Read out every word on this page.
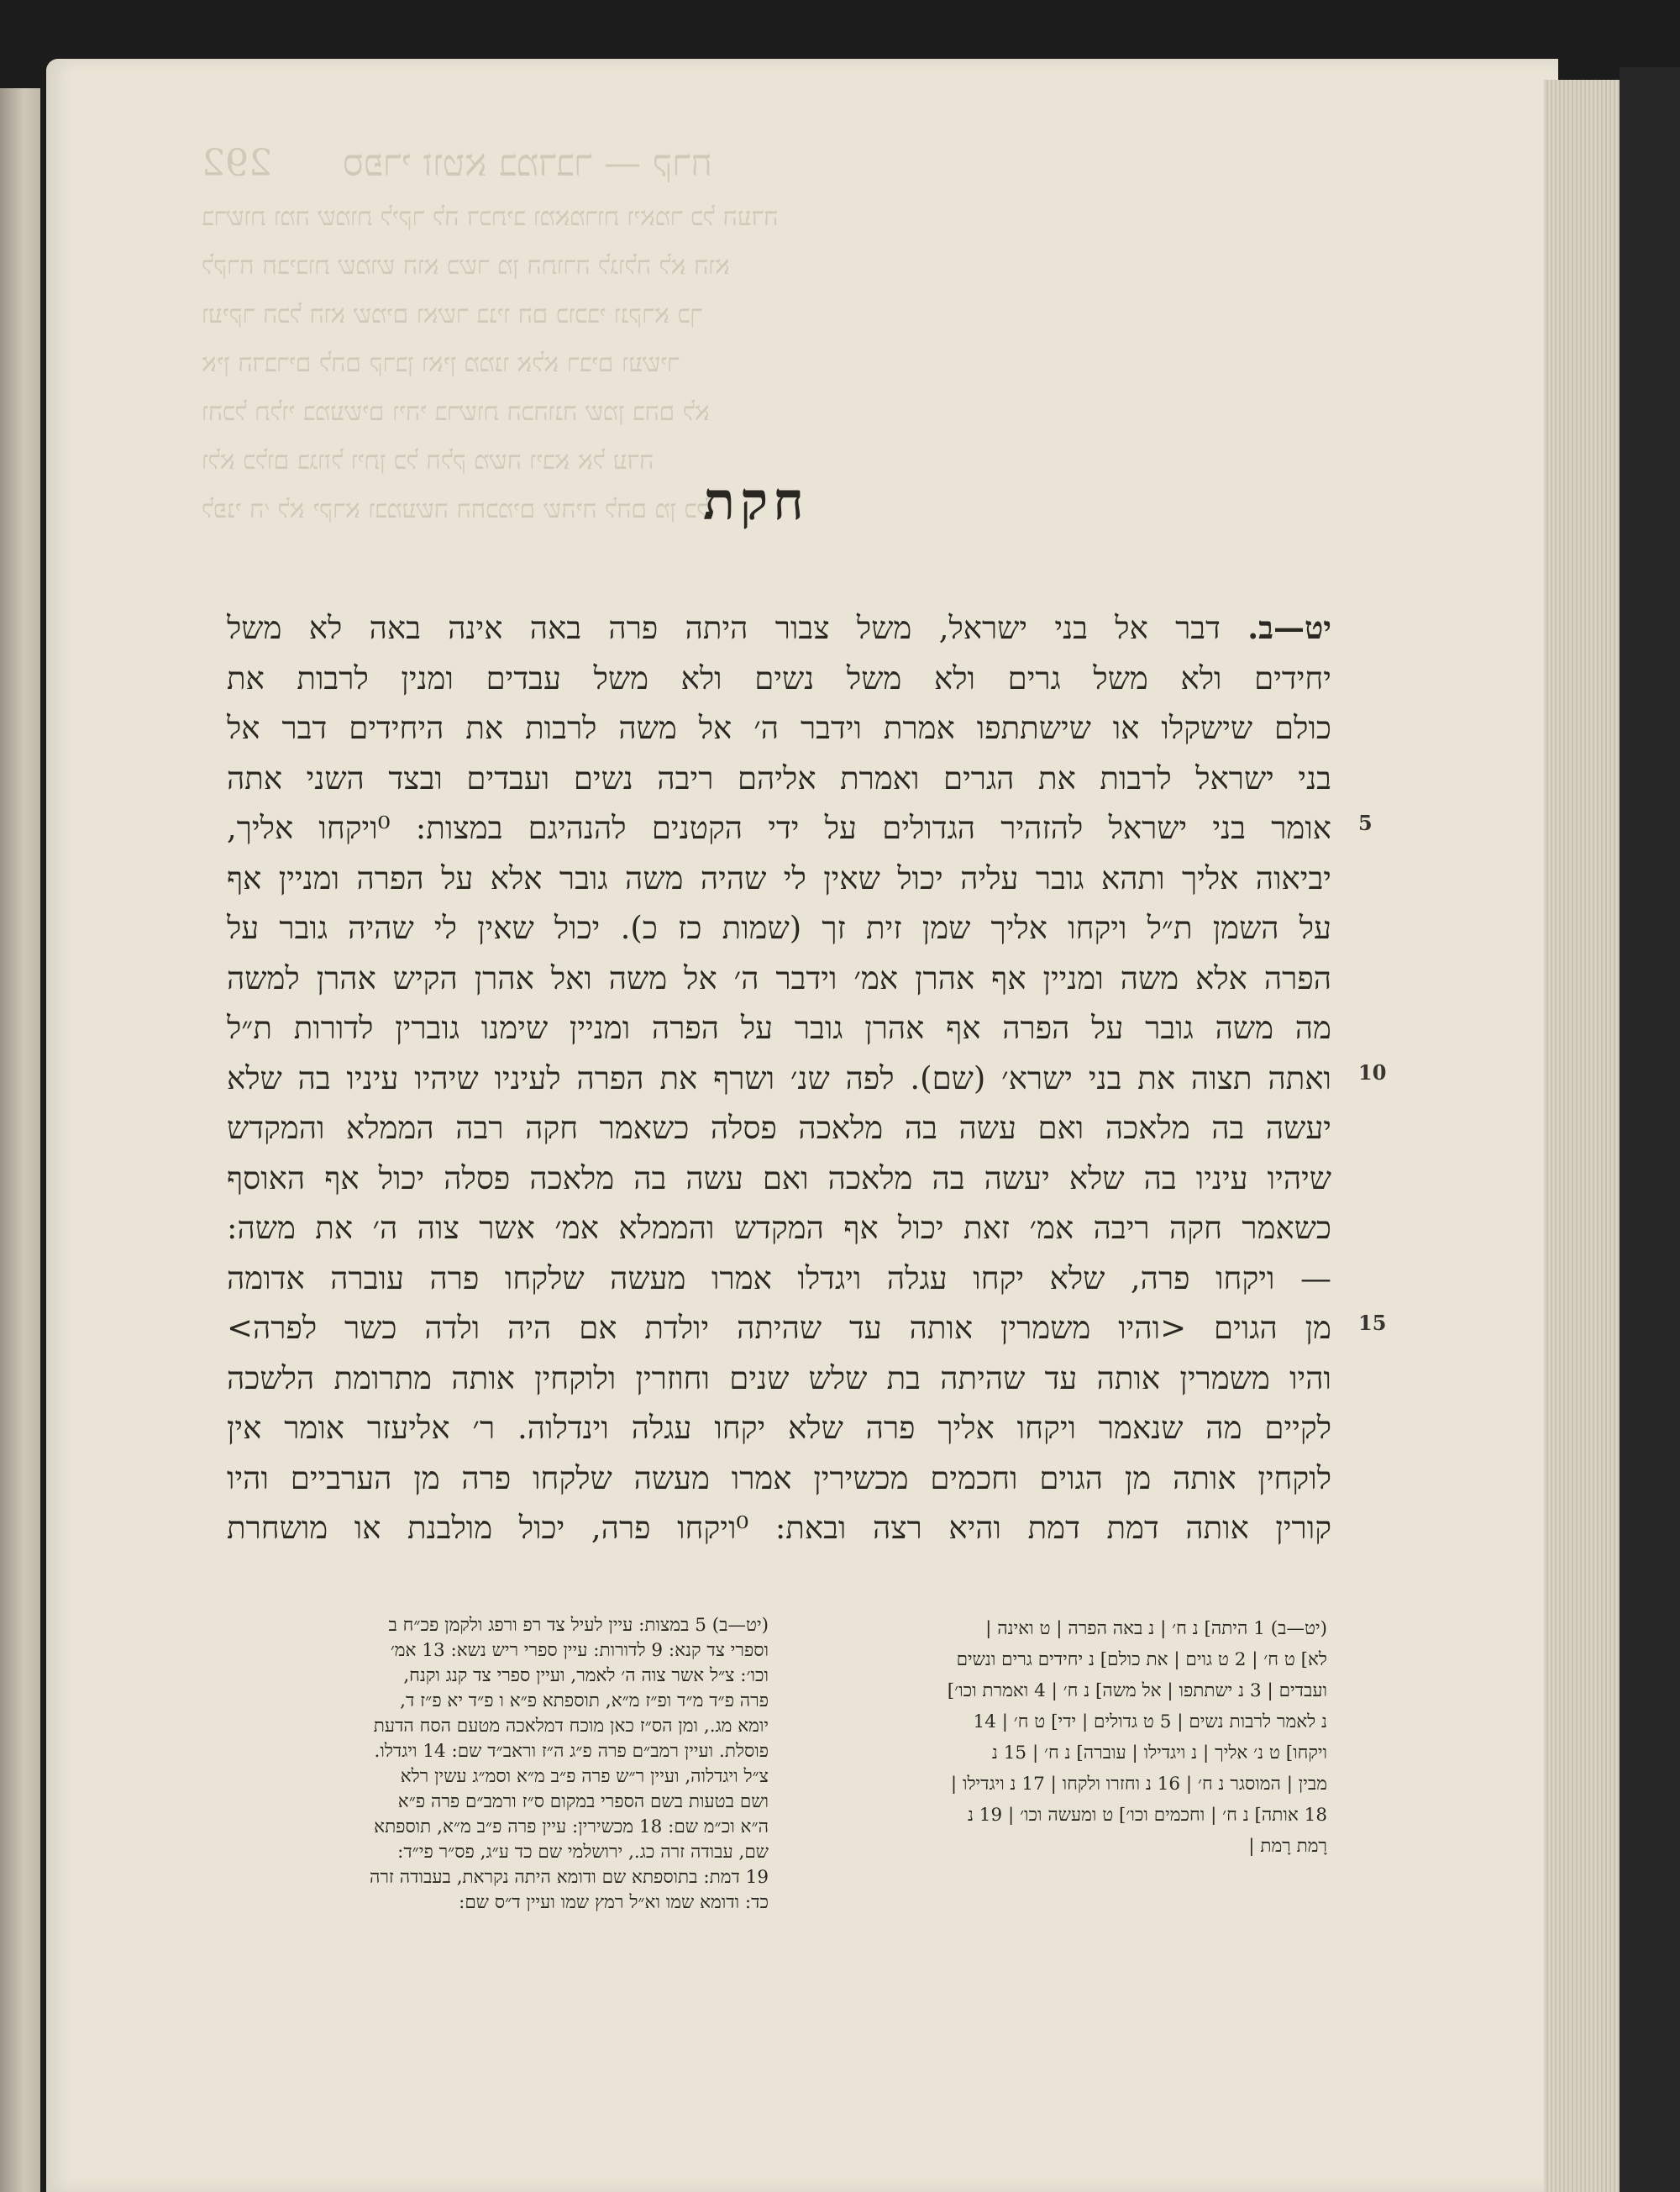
292 ספרי זוטא במדבר — קרח
ברשות ומה שמות ליקר לה דכתיב ומאמרות ויאמר כל העדה
לקרח חביבות שמוש הוא כשר מן התורה לגולה לא הוא
ועיקר הכל הוא שמים ואשר בניו הם כוכבי ונקרא כך
אין הדברים להם קרבן ואין ממנו אלא רבים ועשיר
והכל תלוי במעשים ויהי ברשות הכהונה שמן בהם לא
ולא כלום בגוזל ויתן כל חלק משה ויבא אל עדה
לפני ה׳ לא יקרא ובמעשה החכמים שהיה להם מן כל
חקת
יט—ב. דבר אל בני ישראל, משל צבור היתה פרה באה אינה באה לא משל
יחידים ולא משל גרים ולא משל נשים ולא משל עבדים ומנין לרבות את
כולם שישקלו או שישתתפו אמרת וידבר ה׳ אל משה לרבות את היחידים דבר אל
בני ישראל לרבות את הגרים ואמרת אליהם ריבה נשים ועבדים ובצד השני אתה
אומר בני ישראל להזהיר הגדולים על ידי הקטנים להנהיגם במצות: ⁰ויקחו אליך,
יביאוה אליך ותהא גובר עליה יכול שאין לי שהיה משה גובר אלא על הפרה ומניין אף
על השמן ת״ל ויקחו אליך שמן זית זך (שמות כז כ). יכול שאין לי שהיה גובר על
הפרה אלא משה ומניין אף אהרן אמ׳ וידבר ה׳ אל משה ואל אהרן הקיש אהרן למשה
מה משה גובר על הפרה אף אהרן גובר על הפרה ומניין שימנו גוברין לדורות ת״ל
ואתה תצוה את בני ישרא׳ (שם). לפה שנ׳ ושרף את הפרה לעיניו שיהיו עיניו בה שלא
יעשה בה מלאכה ואם עשה בה מלאכה פסלה כשאמר חקה רבה הממלא והמקדש
שיהיו עיניו בה שלא יעשה בה מלאכה ואם עשה בה מלאכה פסלה יכול אף האוסף
כשאמר חקה ריבה אמ׳ זאת יכול אף המקדש והממלא אמ׳ אשר צוה ה׳ את משה:
— ויקחו פרה, שלא יקחו עגלה ויגדלו אמרו מעשה שלקחו פרה עוברה אדומה
מן הגוים <והיו משמרין אותה עד שהיתה יולדת אם היה ולדה כשר לפרה>
והיו משמרין אותה עד שהיתה בת שלש שנים וחוזרין ולוקחין אותה מתרומת הלשכה
לקיים מה שנאמר ויקחו אליך פרה שלא יקחו עגלה וינדלוה. ר׳ אליעזר אומר אין
לוקחין אותה מן הגוים וחכמים מכשירין אמרו מעשה שלקחו פרה מן הערביים והיו
קורין אותה דמת דמת והיא רצה ובאת: ⁰ויקחו פרה, יכול מולבנת או מושחרת
5
10
15
(יט—ב) 1 היתה] נ ח׳ | נ באה הפרה | ט ואינה |
לא] ט ח׳ | 2 ט גוים | את כולם] נ יחידים גרים ונשים
ועבדים | 3 נ ישתתפו | אל משה] נ ח׳ | 4 ואמרת וכו׳]
נ לאמר לרבות נשים | 5 ט גדולים | ידי] ט ח׳ | 14
ויקחו] ט נ׳ אליך | נ ויגדילו | עוברה] נ ח׳ | 15 נ
מבין | המוסגר נ ח׳ | 16 נ וחזרו ולקחו | 17 נ ויגדילו |
18 אותה] נ ח׳ | וחכמים וכו׳] ט ומעשה וכו׳ | 19 נ
רָמת רָמת |
(יט—ב) 5 במצות: עיין לעיל צד רפ ורפג ולקמן פכ״ח ב
וספרי צד קנא: 9 לדורות: עיין ספרי ריש נשא: 13 אמ׳
וכו׳: צ״ל אשר צוה ה׳ לאמר, ועיין ספרי צד קנג וקנח,
פרה פ״ד מ״ד ופ״ז מ״א, תוספתא פ״א ו פ״ד יא פ״ז ד,
יומא מג., ומן הס״ז כאן מוכח דמלאכה מטעם הסח הדעת
פוסלת. ועיין רמב״ם פרה פ״ג ה״ז וראב״ד שם: 14 ויגדלו.
צ״ל ויגדלוה, ועיין ר״ש פרה פ״ב מ״א וסמ״ג עשין רלא
ושם בטעות בשם הספרי במקום ס״ז ורמב״ם פרה פ״א
ה״א וכ״מ שם: 18 מכשירין: עיין פרה פ״ב מ״א, תוספתא
שם, עבודה זרה כג., ירושלמי שם כד ע״ג, פס״ר פי״ד:
19 דמת: בתוספתא שם ודומא היתה נקראת, בעבודה זרה
כד: ודומא שמו וא״ל רמץ שמו ועיין ד״ס שם:
